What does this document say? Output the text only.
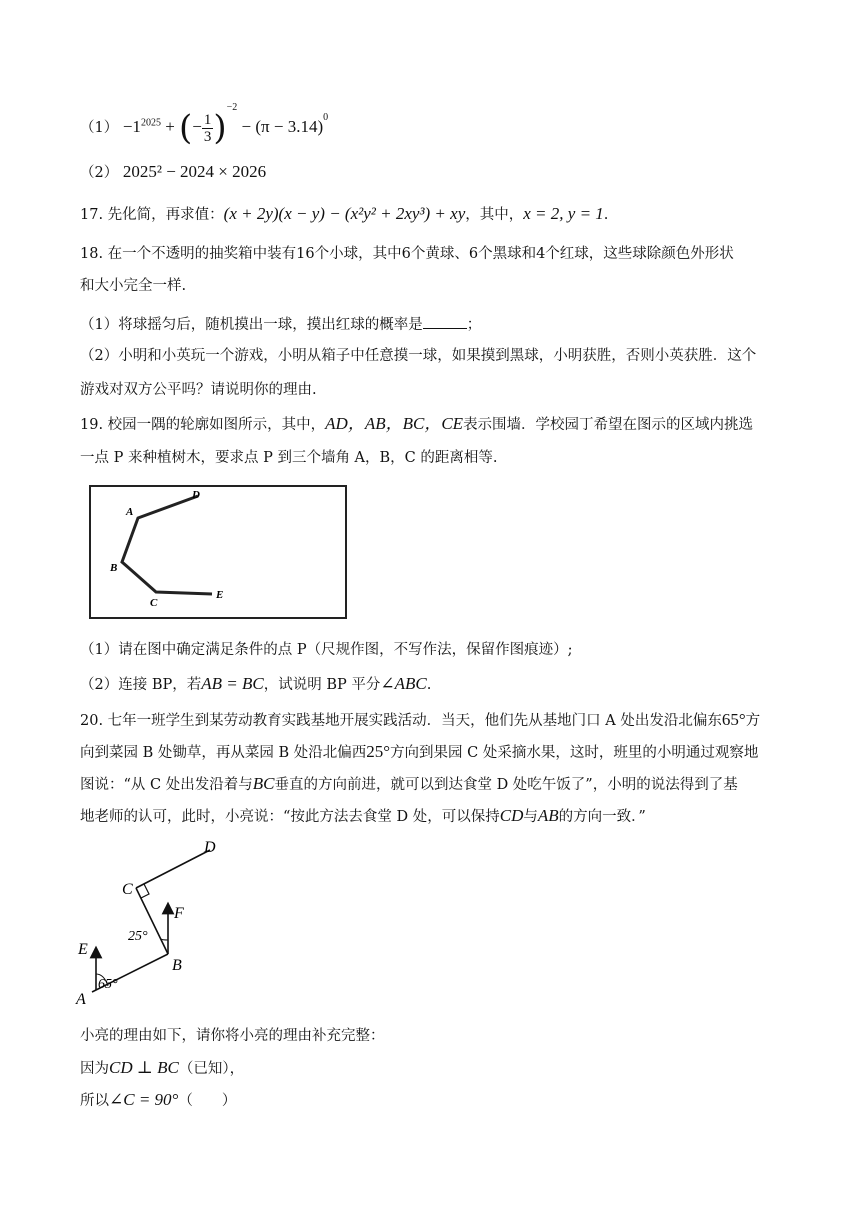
$(1) -1^{2025}$ + (− $\frac{1}{3} )^{-2} - (\pi - 3.14)^0$
（2） 2025² − 2024 × 2026
17. 先化简，再求值：(x + 2y)(x − y) − (x²y² + 2xy³) + xy，其中，x = 2, y = 1.
18. 在一个不透明的抽奖箱中装有16个小球，其中6个黄球、6个黑球和4个红球，这些球除颜色外形状
和大小完全一样.
（1）将球摇匀后，随机摸出一球，摸出红球的概率是	；
（2）小明和小英玩一个游戏，小明从箱子中任意摸一球，如果摸到黑球，小明获胜，否则小英获胜．这个
游戏对双方公平吗？请说明你的理由.
19. 校园一隅的轮廓如图所示，其中，AD，AB，BC，CE表示围墙．学校园丁希望在图示的区域内挑选
一点 P 来种植树木，要求点 P 到三个墙角 A，B，C 的距离相等.
D
A
B
C
E
（1）请在图中确定满足条件的点 P（尺规作图，不写作法，保留作图痕迹）;
（2）连接 BP，若AB = BC，试说明 BP 平分∠ABC.
20. 七年一班学生到某劳动教育实践基地开展实践活动．当天，他们先从基地门口 A 处出发沿北偏东65°方
向到菜园 B 处锄草，再从菜园 B 处沿北偏西25°方向到果园 C 处采摘水果，这时，班里的小明通过观察地
图说：“从 C 处出发沿着与BC垂直的方向前进，就可以到达食堂 D 处吃午饭了”，小明的说法得到了基
地老师的认可，此时，小亮说：“按此方法去食堂 D 处，可以保持CD与AB的方向一致．”
E
A
65°
B
F
25°
C
D
小亮的理由如下，请你将小亮的理由补充完整：
因为CD ⊥ BC（已知），
所以∠C = 90°（　　）
